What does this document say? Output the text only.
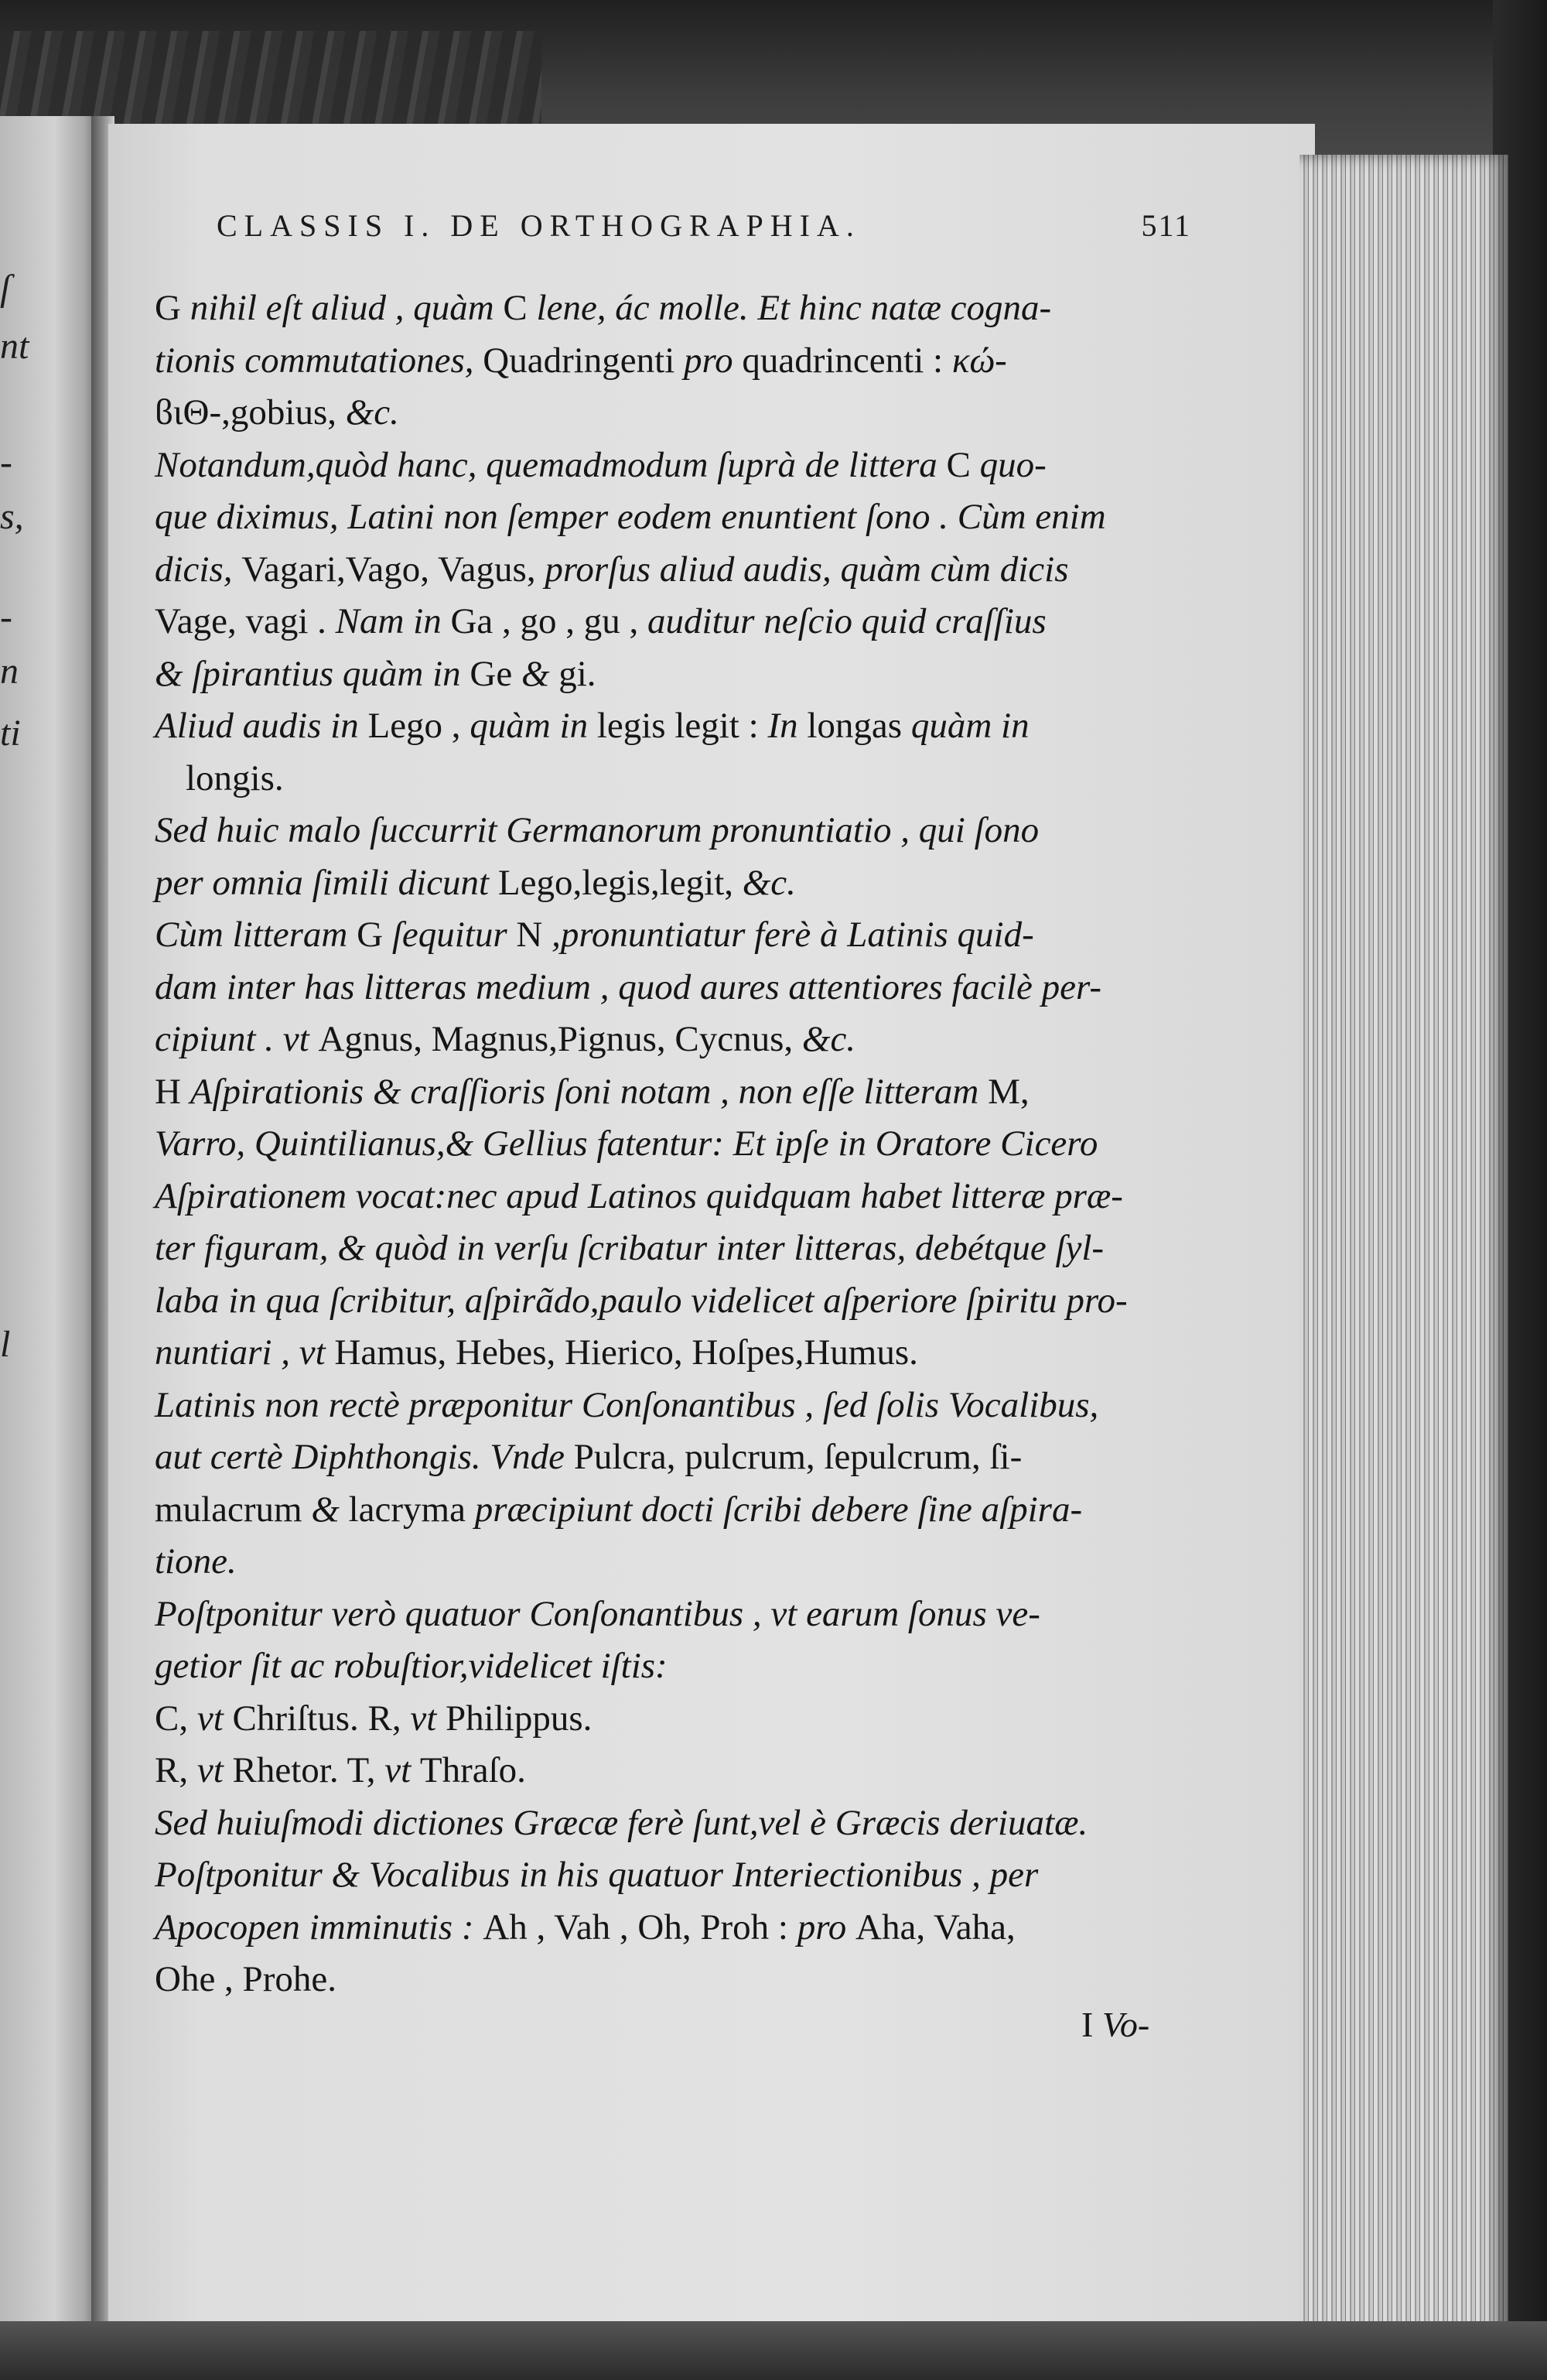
ſ
nt
-
s,
-
n
ti
l
CLASSIS I. DE ORTHOGRAPHIA.	511
G nihil eſt aliud , quàm C lene, ác molle. Et hinc natæ cogna-
tionis commutationes, Quadringenti pro quadrincenti : κώ-
ϐιΘ-,gobius, &c.
Notandum,quòd hanc, quemadmodum ſuprà de littera C quo-
que diximus, Latini non ſemper eodem enuntient ſono . Cùm enim
dicis, Vagari,Vago, Vagus, prorſus aliud audis, quàm cùm dicis
Vage, vagi . Nam in Ga , go , gu , auditur neſcio quid craſſius
& ſpirantius quàm in Ge & gi.
Aliud audis in Lego , quàm in legis legit : In longas quàm in
longis.
Sed huic malo ſuccurrit Germanorum pronuntiatio , qui ſono
per omnia ſimili dicunt Lego,legis,legit, &c.
Cùm litteram G ſequitur N ,pronuntiatur ferè à Latinis quid-
dam inter has litteras medium , quod aures attentiores facilè per-
cipiunt . vt Agnus, Magnus,Pignus, Cycnus, &c.
H Aſpirationis & craſſioris ſoni notam , non eſſe litteram M,
Varro, Quintilianus,& Gellius fatentur: Et ipſe in Oratore Cicero
Aſpirationem vocat:nec apud Latinos quidquam habet litteræ præ-
ter figuram, & quòd in verſu ſcribatur inter litteras, debétque ſyl-
laba in qua ſcribitur, aſpirãdo,paulo videlicet aſperiore ſpiritu pro-
nuntiari , vt Hamus, Hebes, Hierico, Hoſpes,Humus.
Latinis non rectè præponitur Conſonantibus , ſed ſolis Vocalibus,
aut certè Diphthongis. Vnde Pulcra, pulcrum, ſepulcrum, ſi-
mulacrum & lacryma præcipiunt docti ſcribi debere ſine aſpira-
tione.
Poſtponitur verò quatuor Conſonantibus , vt earum ſonus ve-
getior ſit ac robuſtior,videlicet iſtis:
C, vt Chriſtus. R, vt Philippus.
R, vt Rhetor. T, vt Thraſo.
Sed huiuſmodi dictiones Græcæ ferè ſunt,vel è Græcis deriuatæ.
Poſtponitur & Vocalibus in his quatuor Interiectionibus , per
Apocopen imminutis : Ah , Vah , Oh, Proh : pro Aha, Vaha,
Ohe , Prohe.
I Vo-
